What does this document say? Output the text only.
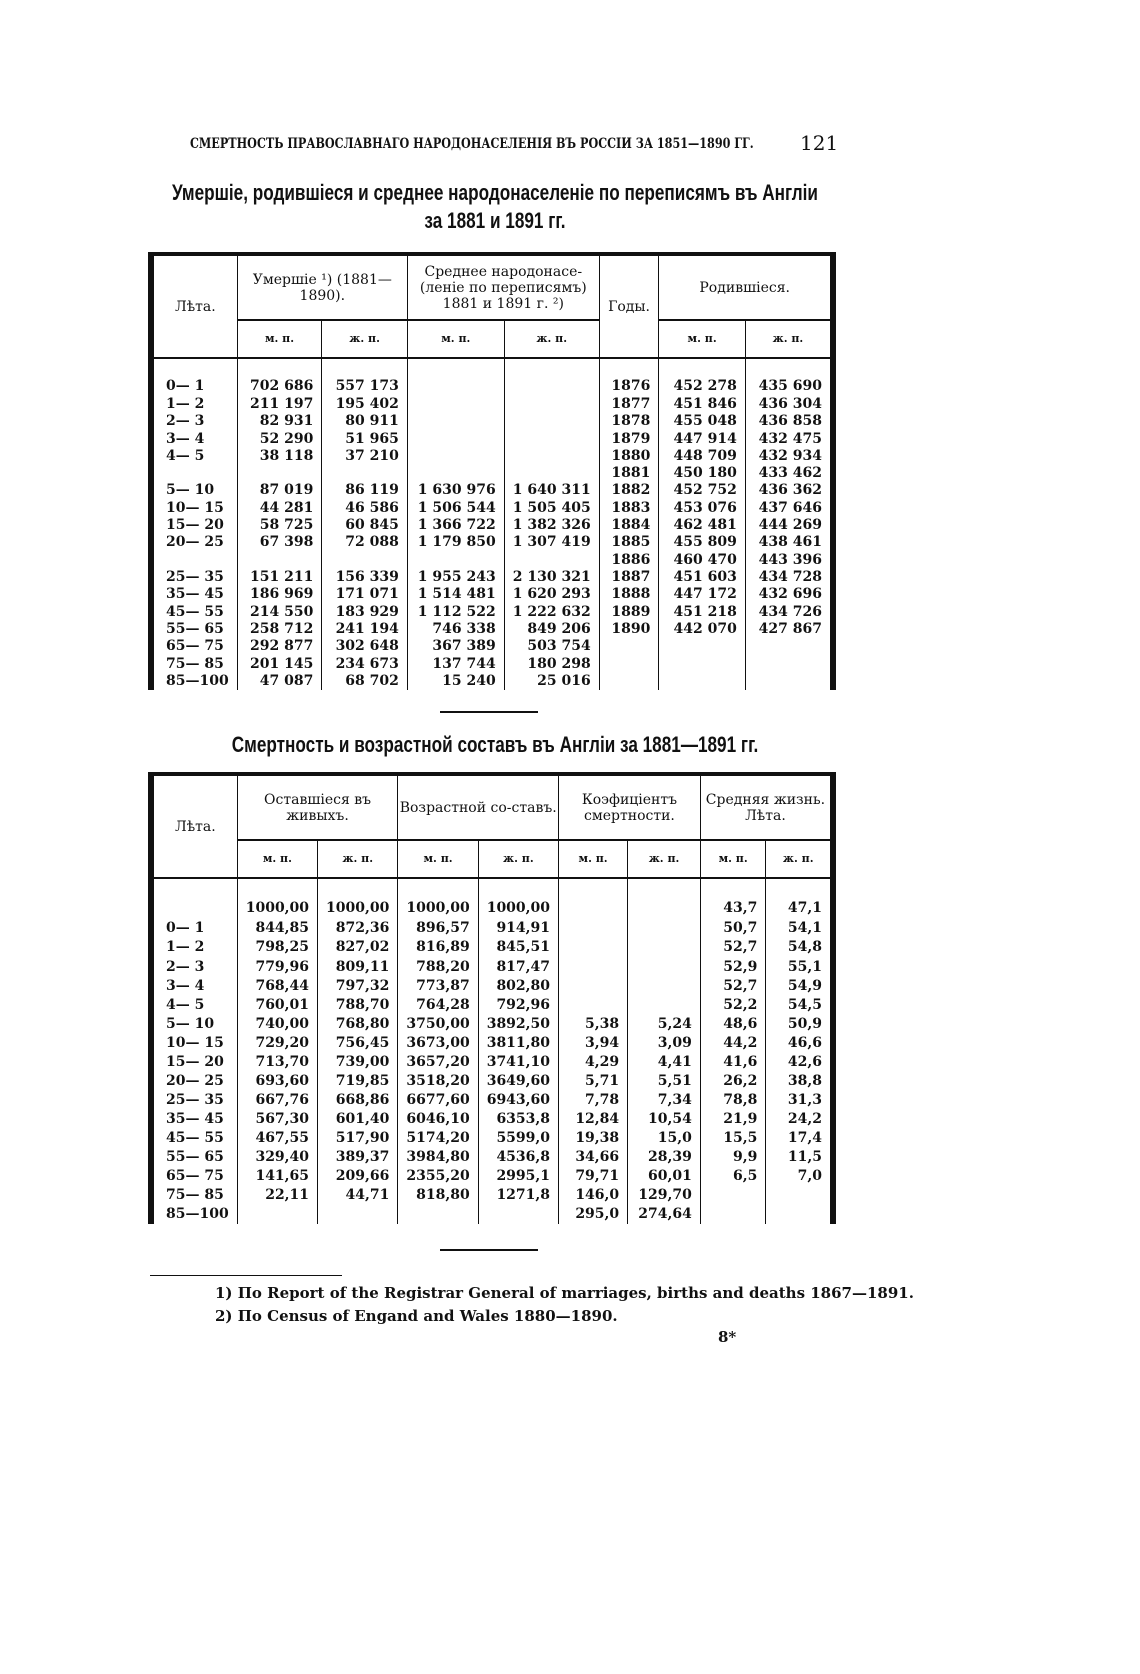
СМЕРТНОСТЬ ПРАВОСЛАВНАГО НАРОДОНАСЕЛЕНІЯ ВЪ РОССІИ ЗА 1851—1890 ГГ. 121
Умершіе, родившіеся и среднее народонаселеніе по переписямъ въ Англіи
за 1881 и 1891 гг.
Лѣта.	Умершіе ¹) (1881—1890).		Среднее народонасе-(леніе по переписямъ) 1881 и 1891 г. ²)		Годы.	Родившіеся.	
	м. п.	ж. п.	м. п.	ж. п.		м. п.	ж. п.
0— 1	702 686	557 173			1876	452 278	435 690
1— 2	211 197	195 402			1877	451 846	436 304
2— 3	82 931	80 911			1878	455 048	436 858
3— 4	52 290	51 965			1879	447 914	432 475
4— 5	38 118	37 210			1880	448 709	432 934
					1881	450 180	433 462
5— 10	87 019	86 119	1 630 976	1 640 311	1882	452 752	436 362
10— 15	44 281	46 586	1 506 544	1 505 405	1883	453 076	437 646
15— 20	58 725	60 845	1 366 722	1 382 326	1884	462 481	444 269
20— 25	67 398	72 088	1 179 850	1 307 419	1885	455 809	438 461
					1886	460 470	443 396
25— 35	151 211	156 339	1 955 243	2 130 321	1887	451 603	434 728
35— 45	186 969	171 071	1 514 481	1 620 293	1888	447 172	432 696
45— 55	214 550	183 929	1 112 522	1 222 632	1889	451 218	434 726
55— 65	258 712	241 194	746 338	849 206	1890	442 070	427 867
65— 75	292 877	302 648	367 389	503 754			
75— 85	201 145	234 673	137 744	180 298			
85—100	47 087	68 702	15 240	25 016			

Смертность и возрастной составъ въ Англіи за 1881—1891 гг.
Лѣта.	Оставшіеся въ живыхъ.		Возрастной со-ставъ.		Коэфиціентъ смертности.		Средняя жизнь. Лѣта.	
	м. п.	ж. п.	м. п.	ж. п.	м. п.	ж. п.	м. п.	ж. п.
	1000,00	1000,00	1000,00	1000,00			43,7	47,1
0— 1	844,85	872,36	896,57	914,91			50,7	54,1
1— 2	798,25	827,02	816,89	845,51			52,7	54,8
2— 3	779,96	809,11	788,20	817,47			52,9	55,1
3— 4	768,44	797,32	773,87	802,80			52,7	54,9
4— 5	760,01	788,70	764,28	792,96			52,2	54,5

5— 10	740,00	768,80	3750,00	3892,50	5,38	5,24	48,6	50,9
10— 15	729,20	756,45	3673,00	3811,80	3,94	3,09	44,2	46,6
15— 20	713,70	739,00	3657,20	3741,10	4,29	4,41	41,6	42,6
20— 25	693,60	719,85	3518,20	3649,60	5,71	5,51	26,2	38,8

25— 35	667,76	668,86	6677,60	6943,60	7,78	7,34	78,8	31,3
35— 45	567,30	601,40	6046,10	6353,8	12,84	10,54	21,9	24,2
45— 55	467,55	517,90	5174,20	5599,0	19,38	15,0	15,5	17,4
55— 65	329,40	389,37	3984,80	4536,8	34,66	28,39	9,9	11,5
65— 75	141,65	209,66	2355,20	2995,1	79,71	60,01	6,5	7,0
75— 85	22,11	44,71	818,80	1271,8	146,0	129,70		
85—100					295,0	274,64		

1) По Report of the Registrar General of marriages, births and deaths 1867—1891.
2) По Census of Engand and Wales 1880—1890.
8*
